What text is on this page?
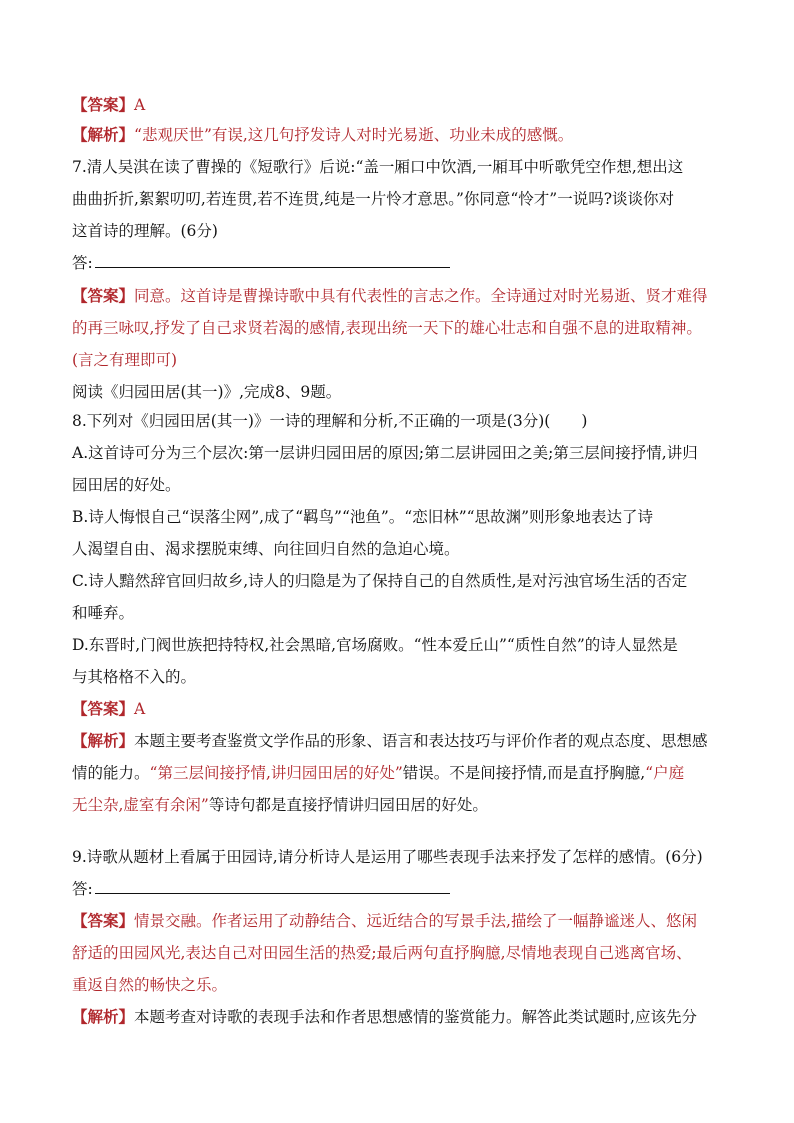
【答案】A
【解析】“悲观厌世”有误,这几句抒发诗人对时光易逝、功业未成的感慨。
7.清人吴淇在读了曹操的《短歌行》后说:“盖一厢口中饮酒,一厢耳中听歌凭空作想,想出这
曲曲折折,絮絮叨叨,若连贯,若不连贯,纯是一片怜才意思。”你同意“怜才”一说吗?谈谈你对
这首诗的理解。(6分)
答:
【答案】同意。这首诗是曹操诗歌中具有代表性的言志之作。全诗通过对时光易逝、贤才难得
的再三咏叹,抒发了自己求贤若渴的感情,表现出统一天下的雄心壮志和自强不息的进取精神。
(言之有理即可)
阅读《归园田居(其一)》,完成8、9题。
8.下列对《归园田居(其一)》一诗的理解和分析,不正确的一项是(3分)(　　)
A.这首诗可分为三个层次:第一层讲归园田居的原因;第二层讲园田之美;第三层间接抒情,讲归
园田居的好处。
B.诗人悔恨自己“误落尘网”,成了“羁鸟”“池鱼”。“恋旧林”“思故渊”则形象地表达了诗
人渴望自由、渴求摆脱束缚、向往回归自然的急迫心境。
C.诗人黯然辞官回归故乡,诗人的归隐是为了保持自己的自然质性,是对污浊官场生活的否定
和唾弃。
D.东晋时,门阀世族把持特权,社会黑暗,官场腐败。“性本爱丘山”“质性自然”的诗人显然是
与其格格不入的。
【答案】A
【解析】本题主要考查鉴赏文学作品的形象、语言和表达技巧与评价作者的观点态度、思想感
情的能力。“第三层间接抒情,讲归园田居的好处”错误。不是间接抒情,而是直抒胸臆,“户庭
无尘杂,虚室有余闲”等诗句都是直接抒情讲归园田居的好处。
9.诗歌从题材上看属于田园诗,请分析诗人是运用了哪些表现手法来抒发了怎样的感情。(6分)
答:
【答案】情景交融。作者运用了动静结合、远近结合的写景手法,描绘了一幅静谧迷人、悠闲
舒适的田园风光,表达自己对田园生活的热爱;最后两句直抒胸臆,尽情地表现自己逃离官场、
重返自然的畅快之乐。
【解析】本题考查对诗歌的表现手法和作者思想感情的鉴赏能力。解答此类试题时,应该先分
